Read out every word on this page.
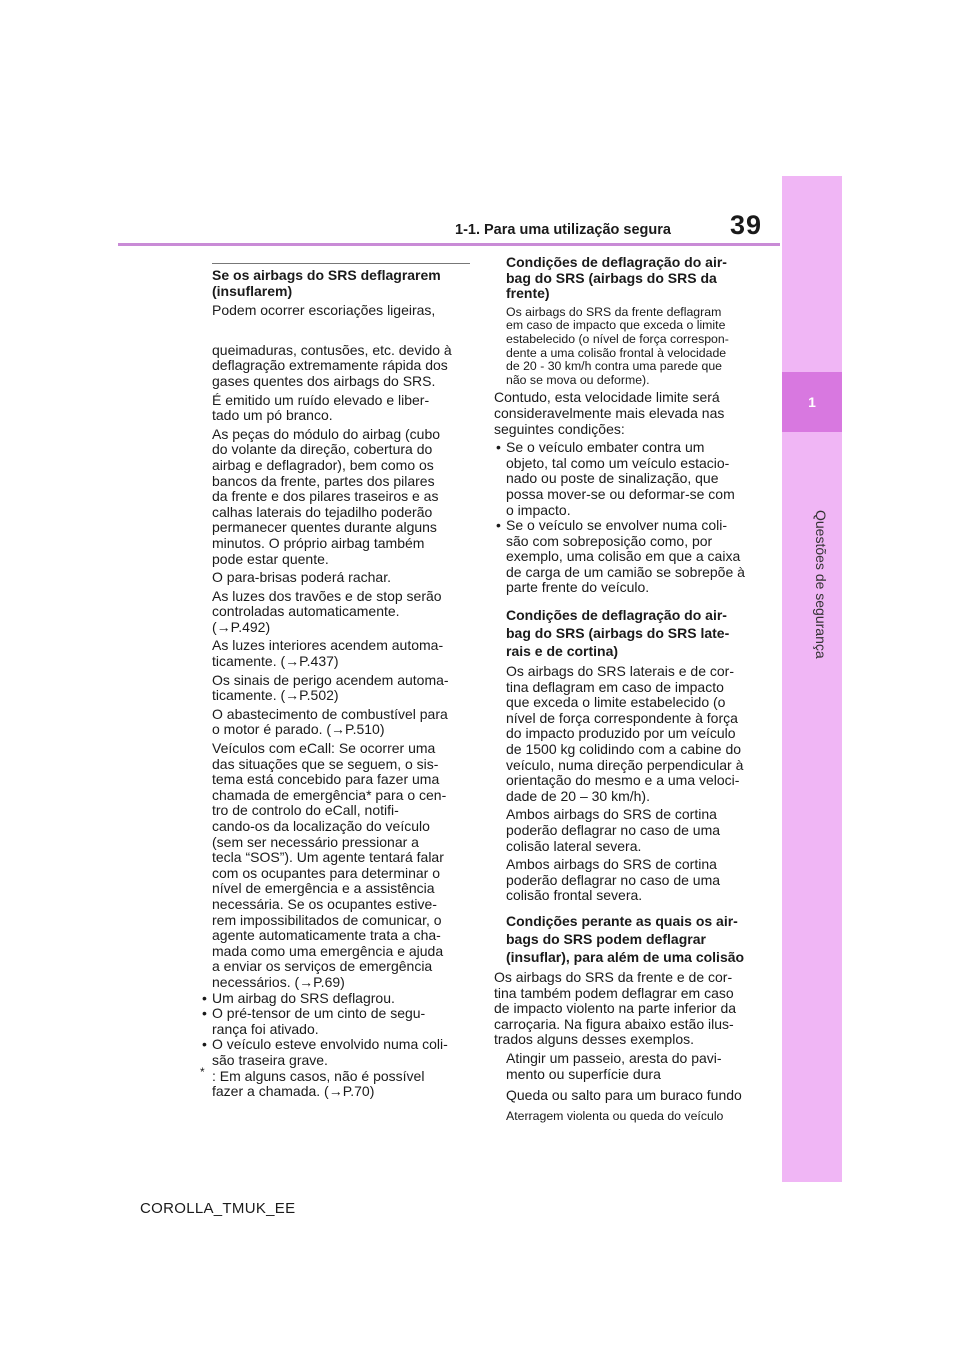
1
Questões de segurança
39
1-1. Para uma utilização segura

Se os airbags do SRS deflagrarem
(insuflarem)

Podem ocorrer escoriações ligeiras,

queimaduras, contusões, etc. devido à
deflagração extremamente rápida dos
gases quentes dos airbags do SRS.

É emitido um ruído elevado e liber-
tado um pó branco.

As peças do módulo do airbag (cubo
do volante da direção, cobertura do
airbag e deflagrador), bem como os
bancos da frente, partes dos pilares
da frente e dos pilares traseiros e as
calhas laterais do tejadilho poderão
permanecer quentes durante alguns
minutos. O próprio airbag também
pode estar quente.

O para-brisas poderá rachar.

As luzes dos travões e de stop serão
controladas automaticamente.
(→P.492)

As luzes interiores acendem automa-
ticamente. (→P.437)

Os sinais de perigo acendem automa-
ticamente. (→P.502)

O abastecimento de combustível para
o motor é parado. (→P.510)

Veículos com eCall: Se ocorrer uma
das situações que se seguem, o sis-
tema está concebido para fazer uma
chamada de emergência* para o cen-
tro de controlo do eCall, notifi-
cando-os da localização do veículo
(sem ser necessário pressionar a
tecla “SOS”). Um agente tentará falar
com os ocupantes para determinar o
nível de emergência e a assistência
necessária. Se os ocupantes estive-
rem impossibilitados de comunicar, o
agente automaticamente trata a cha-
mada como uma emergência e ajuda
a enviar os serviços de emergência
necessários. (→P.69)

• Um airbag do SRS deflagrou.

• O pré-tensor de um cinto de segu-
rança foi ativado.

• O veículo esteve envolvido numa coli-
são traseira grave.

* : Em alguns casos, não é possível
fazer a chamada. (→P.70)

Condições de deflagração do air-
bag do SRS (airbags do SRS da
frente)

Os airbags do SRS da frente deflagram
em caso de impacto que exceda o limite
estabelecido (o nível de força correspon-
dente a uma colisão frontal à velocidade
de 20 - 30 km/h contra uma parede que
não se mova ou deforme).

Contudo, esta velocidade limite será
consideravelmente mais elevada nas
seguintes condições:

• Se o veículo embater contra um
objeto, tal como um veículo estacio-
nado ou poste de sinalização, que
possa mover-se ou deformar-se com
o impacto.

• Se o veículo se envolver numa coli-
são com sobreposição como, por
exemplo, uma colisão em que a caixa
de carga de um camião se sobrepõe à
parte frente do veículo.

Condições de deflagração do air-
bag do SRS (airbags do SRS late-
rais e de cortina)

Os airbags do SRS laterais e de cor-
tina deflagram em caso de impacto
que exceda o limite estabelecido (o
nível de força correspondente à força
do impacto produzido por um veículo
de 1500 kg colidindo com a cabine do
veículo, numa direção perpendicular à
orientação do mesmo e a uma veloci-
dade de 20 – 30 km/h).

Ambos airbags do SRS de cortina
poderão deflagrar no caso de uma
colisão lateral severa.

Ambos airbags do SRS de cortina
poderão deflagrar no caso de uma
colisão frontal severa.

Condições perante as quais os air-
bags do SRS podem deflagrar
(insuflar), para além de uma colisão

Os airbags do SRS da frente e de cor-
tina também podem deflagrar em caso
de impacto violento na parte inferior da
carroçaria. Na figura abaixo estão ilus-
trados alguns desses exemplos.

Atingir um passeio, aresta do pavi-
mento ou superfície dura

Queda ou salto para um buraco fundo

Aterragem violenta ou queda do veículo

COROLLA_TMUK_EE
